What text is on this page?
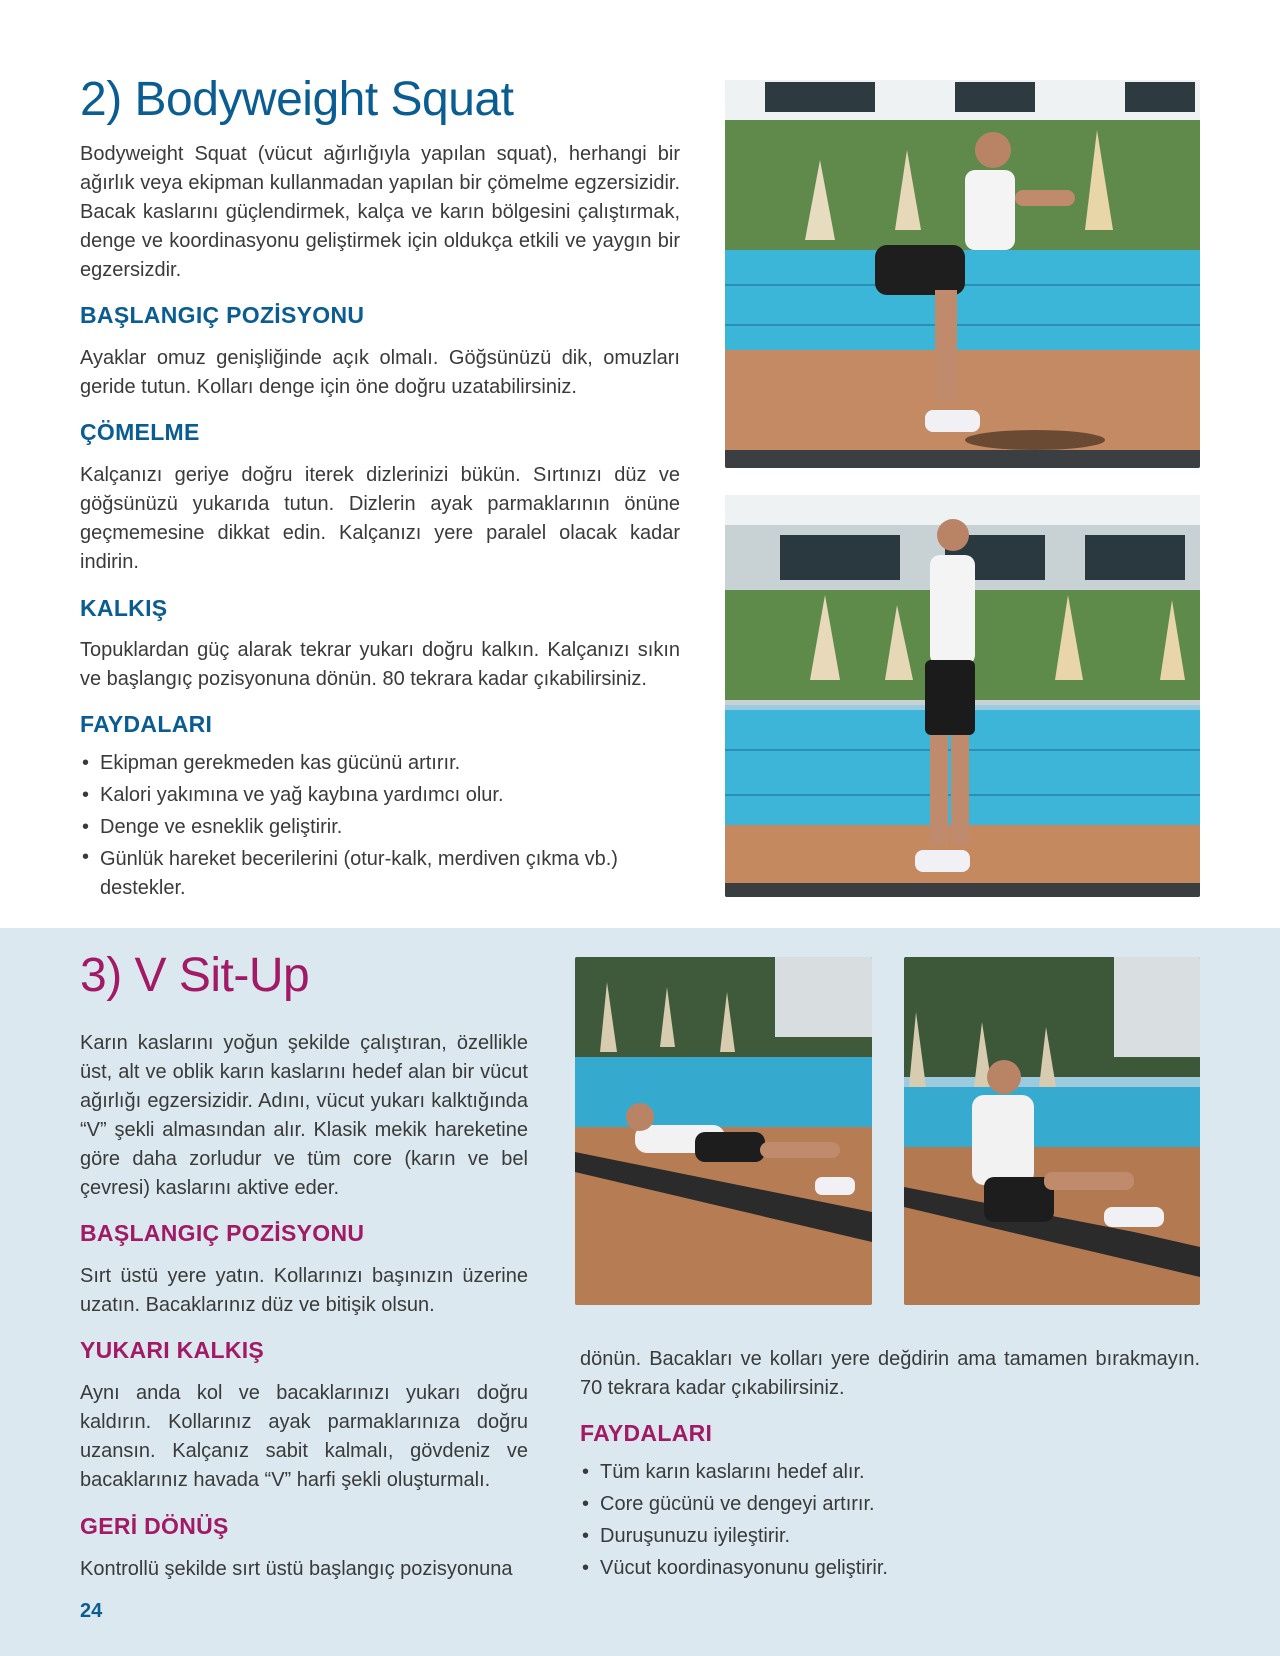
2) Bodyweight Squat

Bodyweight Squat (vücut ağırlığıyla yapılan squat), herhangi bir ağırlık veya ekipman kullanmadan yapılan bir çömelme egzersizidir. Bacak kaslarını güçlendirmek, kalça ve karın bölgesini çalıştırmak, denge ve koordinasyonu geliştirmek için oldukça etkili ve yaygın bir egzersizdir.

BAŞLANGIÇ POZİSYONU

Ayaklar omuz genişliğinde açık olmalı. Göğsünüzü dik, omuzları geride tutun. Kolları denge için öne doğru uzatabilirsiniz.

ÇÖMELME

Kalçanızı geriye doğru iterek dizlerinizi bükün. Sırtınızı düz ve göğsünüzü yukarıda tutun. Dizlerin ayak parmaklarının önüne geçmemesine dikkat edin. Kalçanızı yere paralel olacak kadar indirin.

KALKIŞ

Topuklardan güç alarak tekrar yukarı doğru kalkın. Kalçanızı sıkın ve başlangıç pozisyonuna dönün. 80 tekrara kadar çıkabilirsiniz.

FAYDALARI
• Ekipman gerekmeden kas gücünü artırır.
• Kalori yakımına ve yağ kaybına yardımcı olur.
• Denge ve esneklik geliştirir.
• Günlük hareket becerilerini (otur-kalk, merdiven çıkma vb.) destekler.
3) V Sit-Up

Karın kaslarını yoğun şekilde çalıştıran, özellikle üst, alt ve oblik karın kaslarını hedef alan bir vücut ağırlığı egzersizidir. Adını, vücut yukarı kalktığında “V” şekli almasından alır. Klasik mekik hareketine göre daha zorludur ve tüm core (karın ve bel çevresi) kaslarını aktive eder.

BAŞLANGIÇ POZİSYONU

Sırt üstü yere yatın. Kollarınızı başınızın üzerine uzatın. Bacaklarınız düz ve bitişik olsun.

YUKARI KALKIŞ

Aynı anda kol ve bacaklarınızı yukarı doğru kaldırın. Kollarınız ayak parmaklarınıza doğru uzansın. Kalçanız sabit kalmalı, gövdeniz ve bacaklarınız havada “V” harfi şekli oluşturmalı.

GERİ DÖNÜŞ

Kontrollü şekilde sırt üstü başlangıç pozisyonuna

dönün. Bacakları ve kolları yere değdirin ama tamamen bırakmayın. 70 tekrara kadar çıkabilirsiniz.

FAYDALARI
• Tüm karın kaslarını hedef alır.
• Core gücünü ve dengeyi artırır.
• Duruşunuzu iyileştirir.
• Vücut koordinasyonunu geliştirir.
24
